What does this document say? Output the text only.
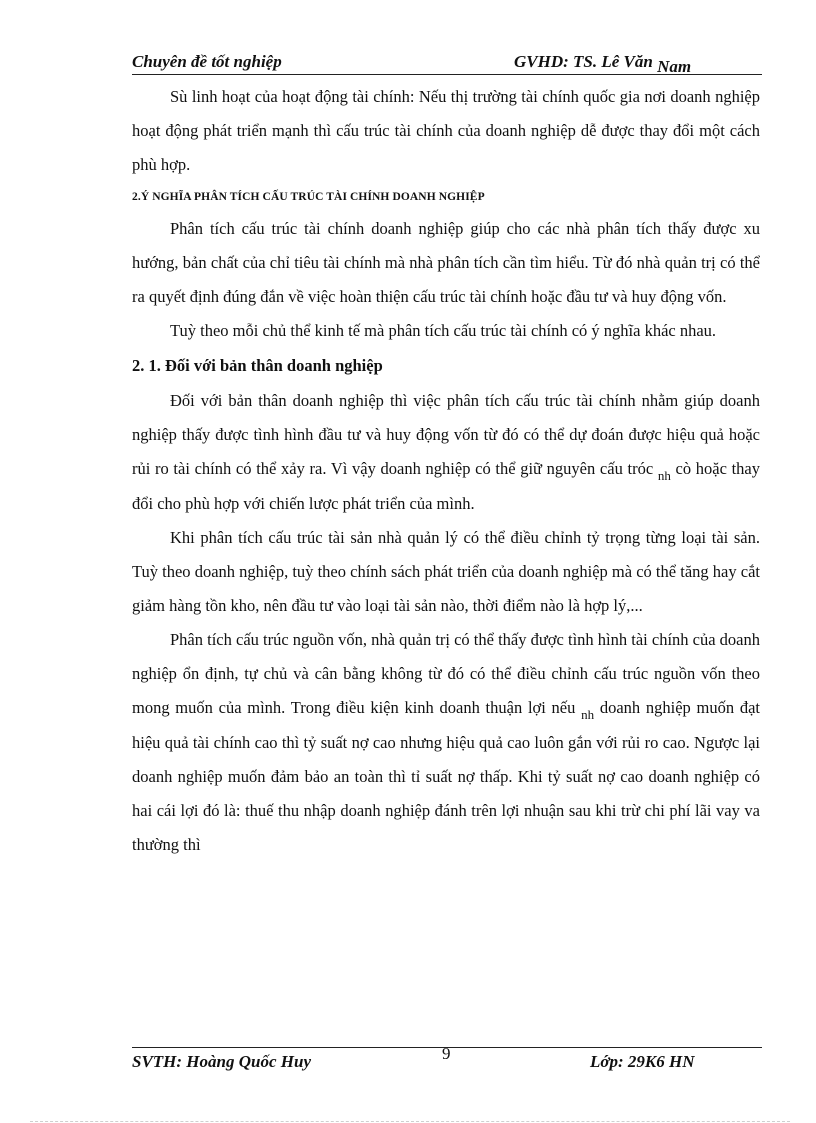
Chuyên đề tốt nghiệp	GVHD: TS. Lê Văn Nam

Sù linh hoạt của hoạt động tài chính: Nếu thị trường tài chính quốc gia nơi doanh nghiệp hoạt động phát triển mạnh thì cấu trúc tài chính của doanh nghiệp dễ được thay đổi một cách phù hợp.

2.Ý NGHĨA PHÂN TÍCH CẤU TRÚC TÀI CHÍNH DOANH NGHIỆP

Phân tích cấu trúc tài chính doanh nghiệp giúp cho các nhà phân tích thấy được xu hướng, bản chất của chỉ tiêu tài chính mà nhà phân tích cần tìm hiểu. Từ đó nhà quản trị có thể ra quyết định đúng đắn về việc hoàn thiện cấu trúc tài chính hoặc đầu tư và huy động vốn.

Tuỳ theo mỗi chủ thể kinh tế mà phân tích cấu trúc tài chính có ý nghĩa khác nhau.

2. 1. Đối với bản thân doanh nghiệp

Đối với bản thân doanh nghiệp thì việc phân tích cấu trúc tài chính nhằm giúp doanh nghiệp thấy được tình hình đầu tư và huy động vốn từ đó có thể dự đoán được hiệu quả hoặc rủi ro tài chính có thể xảy ra. Vì vậy doanh nghiệp có thể giữ nguyên cấu tróc $_{nh}$ cò hoặc thay đổi cho phù hợp với chiến lược phát triển của mình.

Khi phân tích cấu trúc tài sản nhà quản lý có thể điều chỉnh tỷ trọng từng loại tài sản. Tuỳ theo doanh nghiệp, tuỳ theo chính sách phát triển của doanh nghiệp mà có thể tăng hay cắt giảm hàng tồn kho, nên đầu tư vào loại tài sản nào, thời điểm nào là hợp lý,...

Phân tích cấu trúc nguồn vốn, nhà quản trị có thể thấy được tình hình tài chính của doanh nghiệp ổn định, tự chủ và cân bằng không từ đó có thể điều chỉnh cấu trúc nguồn vốn theo mong muốn của mình. Trong điều kiện kinh doanh thuận lợi nếu $_{nh}$ doanh nghiệp muốn đạt hiệu quả tài chính cao thì tỷ suất nợ cao nhưng hiệu quả cao luôn gắn với rủi ro cao. Ngược lại doanh nghiệp muốn đảm bảo an toàn thì tỉ suất nợ thấp. Khi tỷ suất nợ cao doanh nghiệp có hai cái lợi đó là: thuế thu nhập doanh nghiệp đánh trên lợi nhuận sau khi trừ chi phí lãi vay va thường thì

SVTH: Hoàng Quốc Huy	9	Lớp: 29K6 HN
